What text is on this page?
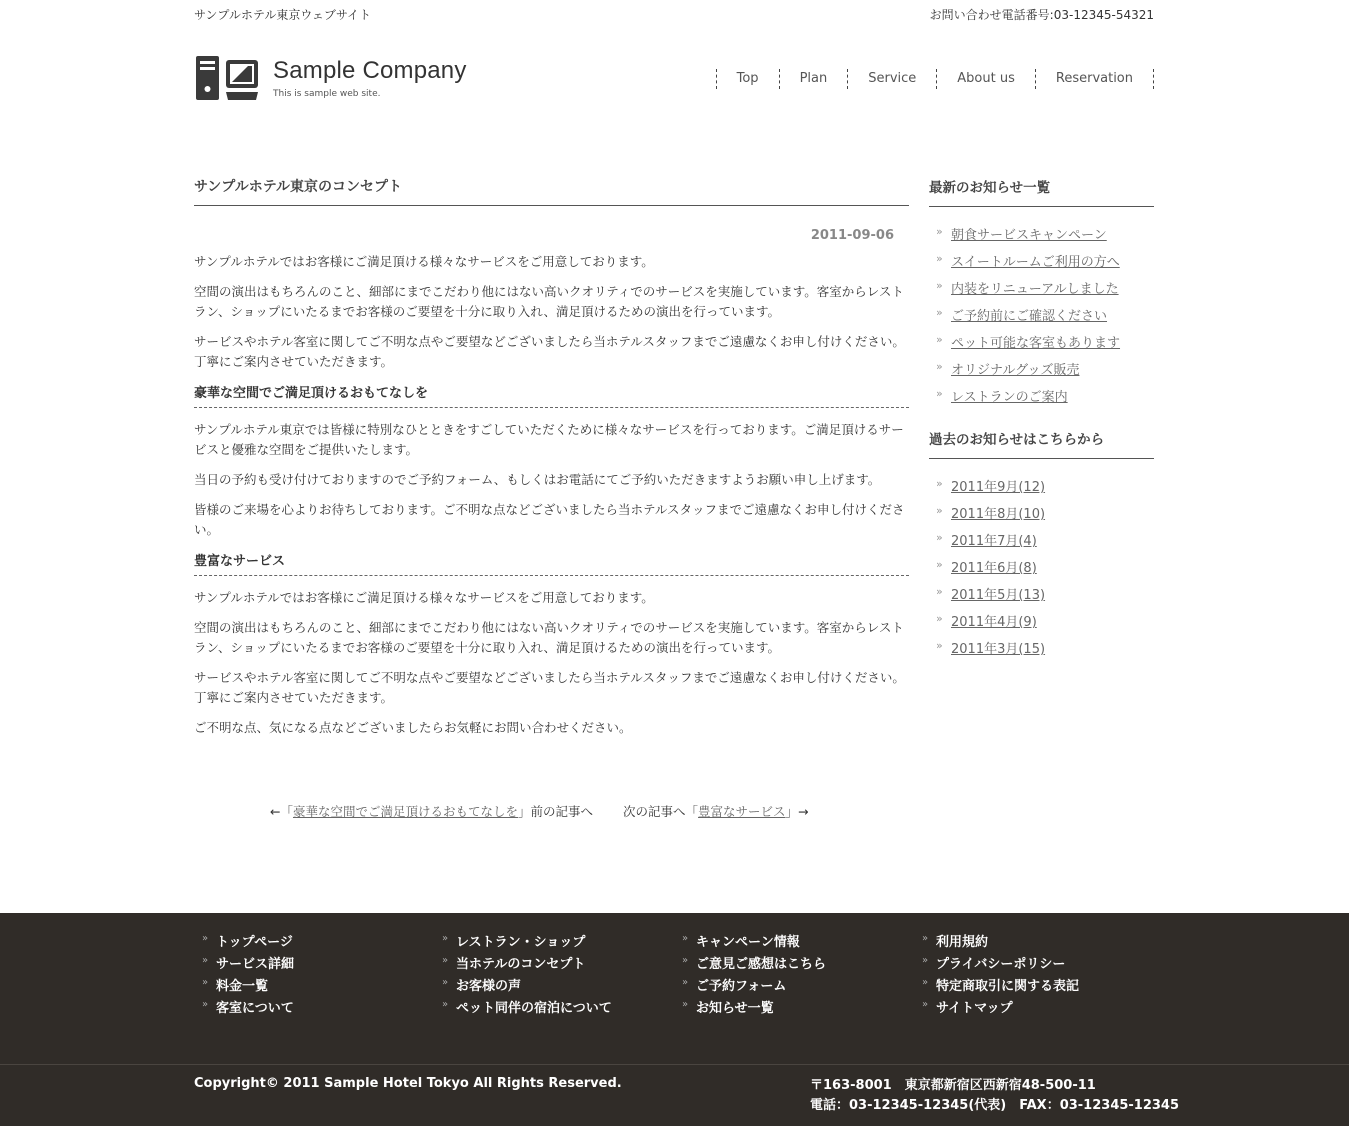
サンプルホテル東京ウェブサイト	お問い合わせ電話番号:03-12345-54321
Sample Company
This is sample web site.
Top	Plan	Service	About us	Reservation
サンプルホテル東京のコンセプト
2011-09-06

サンプルホテルではお客様にご満足頂ける様々なサービスをご用意しております。

空間の演出はもちろんのこと、細部にまでこだわり他にはない高いクオリティでのサービスを実施しています。客室からレストラン、ショップにいたるまでお客様のご要望を十分に取り入れ、満足頂けるための演出を行っています。

サービスやホテル客室に関してご不明な点やご要望などございましたら当ホテルスタッフまでご遠慮なくお申し付けください。丁寧にご案内させていただきます。

豪華な空間でご満足頂けるおもてなしを

サンプルホテル東京では皆様に特別なひとときをすごしていただくために様々なサービスを行っております。ご満足頂けるサービスと優雅な空間をご提供いたします。

当日の予約も受け付けておりますのでご予約フォーム、もしくはお電話にてご予約いただきますようお願い申し上げます。

皆様のご来場を心よりお待ちしております。ご不明な点などございましたら当ホテルスタッフまでご遠慮なくお申し付けください。

豊富なサービス

サンプルホテルではお客様にご満足頂ける様々なサービスをご用意しております。

空間の演出はもちろんのこと、細部にまでこだわり他にはない高いクオリティでのサービスを実施しています。客室からレストラン、ショップにいたるまでお客様のご要望を十分に取り入れ、満足頂けるための演出を行っています。

サービスやホテル客室に関してご不明な点やご要望などございましたら当ホテルスタッフまでご遠慮なくお申し付けください。丁寧にご案内させていただきます。

ご不明な点、気になる点などございましたらお気軽にお問い合わせください。

←「豪華な空間でご満足頂けるおもてなしを」前の記事へ 次の記事へ「豊富なサービス」→
最新のお知らせ一覧
» 朝食サービスキャンペーン
» スイートルームご利用の方へ
» 内装をリニューアルしました
» ご予約前にご確認ください
» ペット可能な客室もあります
» オリジナルグッズ販売
» レストランのご案内
過去のお知らせはこちらから
» 2011年9月(12)
» 2011年8月(10)
» 2011年7月(4)
» 2011年6月(8)
» 2011年5月(13)
» 2011年4月(9)
» 2011年3月(15)
» トップページ
» サービス詳細
» 料金一覧
» 客室について
» レストラン・ショップ
» 当ホテルのコンセプト
» お客様の声
» ペット同伴の宿泊について
» キャンペーン情報
» ご意見ご感想はこちら
» ご予約フォーム
» お知らせ一覧
» 利用規約
» プライバシーポリシー
» 特定商取引に関する表記
» サイトマップ
Copyright© 2011 Sample Hotel Tokyo All Rights Reserved.	〒163-8001　東京都新宿区西新宿48-500-11
電話：03-12345-12345(代表)　FAX：03-12345-12345
